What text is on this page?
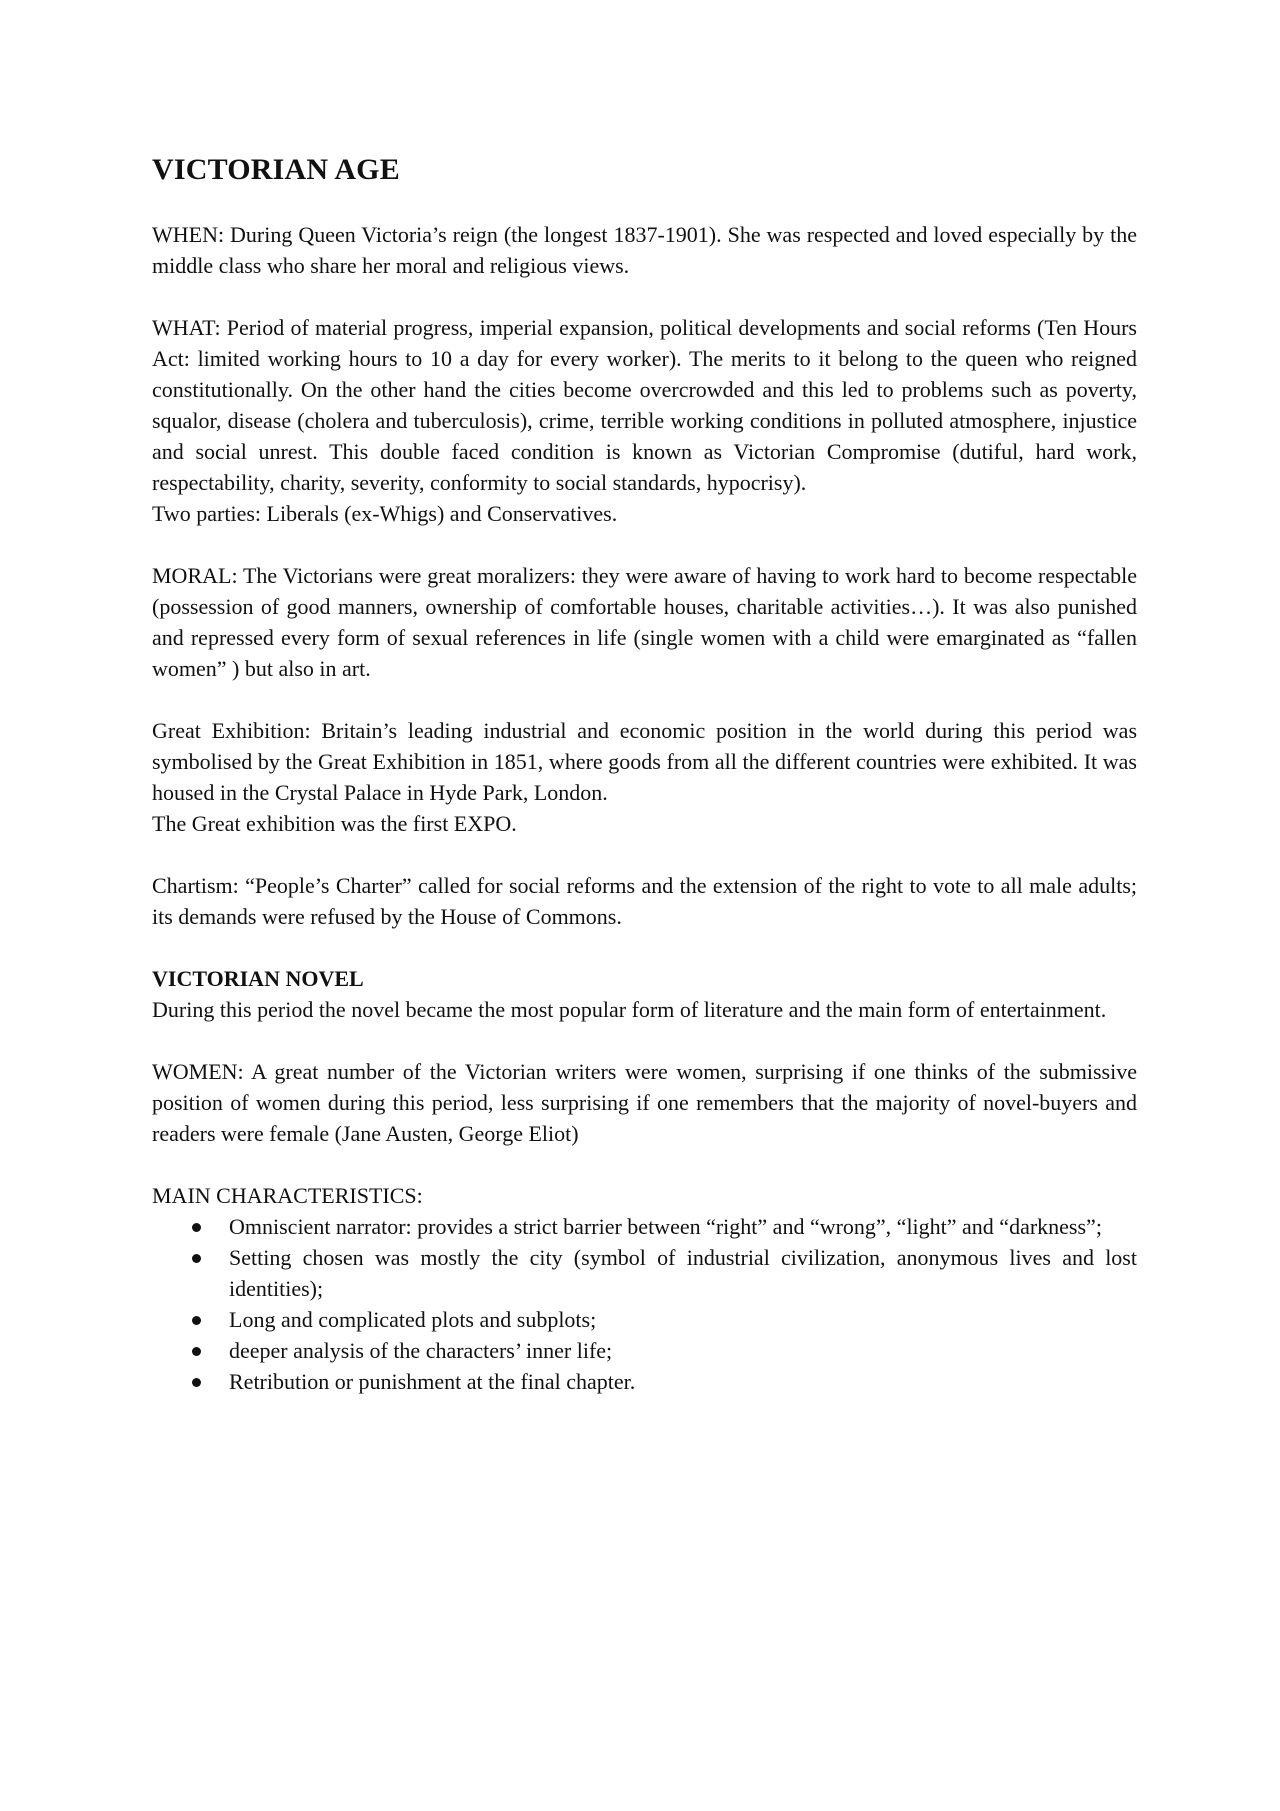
VICTORIAN AGE

WHEN: During Queen Victoria’s reign (the longest 1837-1901). She was respected and loved especially by the middle class who share her moral and religious views.

WHAT: Period of material progress, imperial expansion, political developments and social reforms (Ten Hours Act: limited working hours to 10 a day for every worker). The merits to it belong to the queen who reigned constitutionally. On the other hand the cities become overcrowded and this led to problems such as poverty, squalor, disease (cholera and tuberculosis), crime, terrible working conditions in polluted atmosphere, injustice and social unrest. This double faced condition is known as Victorian Compromise (dutiful, hard work, respectability, charity, severity, conformity to social standards, hypocrisy).

Two parties: Liberals (ex-Whigs) and Conservatives.

MORAL: The Victorians were great moralizers: they were aware of having to work hard to become respectable (possession of good manners, ownership of comfortable houses, charitable activities…). It was also punished and repressed every form of sexual references in life (single women with a child were emarginated as “fallen women” ) but also in art.

Great Exhibition: Britain’s leading industrial and economic position in the world during this period was symbolised by the Great Exhibition in 1851, where goods from all the different countries were exhibited. It was housed in the Crystal Palace in Hyde Park, London.

The Great exhibition was the first EXPO.

Chartism: “People’s Charter” called for social reforms and the extension of the right to vote to all male adults; its demands were refused by the House of Commons.

VICTORIAN NOVEL

During this period the novel became the most popular form of literature and the main form of entertainment.

WOMEN: A great number of the Victorian writers were women, surprising if one thinks of the submissive position of women during this period, less surprising if one remembers that the majority of novel-buyers and readers were female (Jane Austen, George Eliot)

MAIN CHARACTERISTICS:

Omniscient narrator: provides a strict barrier between “right” and “wrong”, “light” and “darkness”;
Setting chosen was mostly the city (symbol of industrial civilization, anonymous lives and lost identities);
Long and complicated plots and subplots;
deeper analysis of the characters’ inner life;
Retribution or punishment at the final chapter.
